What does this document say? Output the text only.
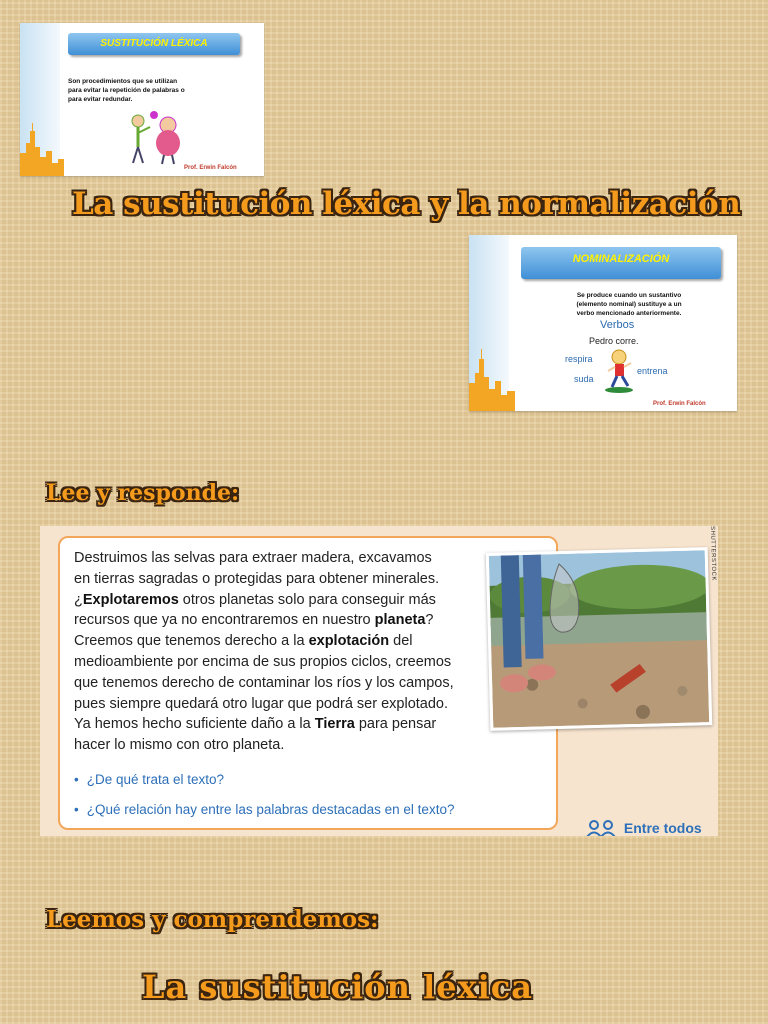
SUSTITUCIÓN LÉXICA
Son procedimientos que se utilizan
para evitar la repetición de palabras o
para evitar redundar.
Prof. Erwin Falcón
La sustitución léxica y la normalización
NOMINALIZACIÓN
Se produce cuando un sustantivo
(elemento nominal) sustituye a un
verbo mencionado anteriormente.
Verbos
Pedro corre.
respira
entrena
suda
Prof. Erwin Falcón
Lee y responde:

Destruimos las selvas para extraer madera, excavamos
en tierras sagradas o protegidas para obtener minerales.
¿Explotaremos otros planetas solo para conseguir más
recursos que ya no encontraremos en nuestro planeta?
Creemos que tenemos derecho a la explotación del
medioambiente por encima de sus propios ciclos, creemos
que tenemos derecho de contaminar los ríos y los campos,
pues siempre quedará otro lugar que podrá ser explotado.
Ya hemos hecho suficiente daño a la Tierra para pensar
hacer lo mismo con otro planeta.

• ¿De qué trata el texto?
• ¿Qué relación hay entre las palabras destacadas en el texto?
SHUTTERSTOCK
Entre todos
Leemos y comprendemos:
La sustitución léxica
